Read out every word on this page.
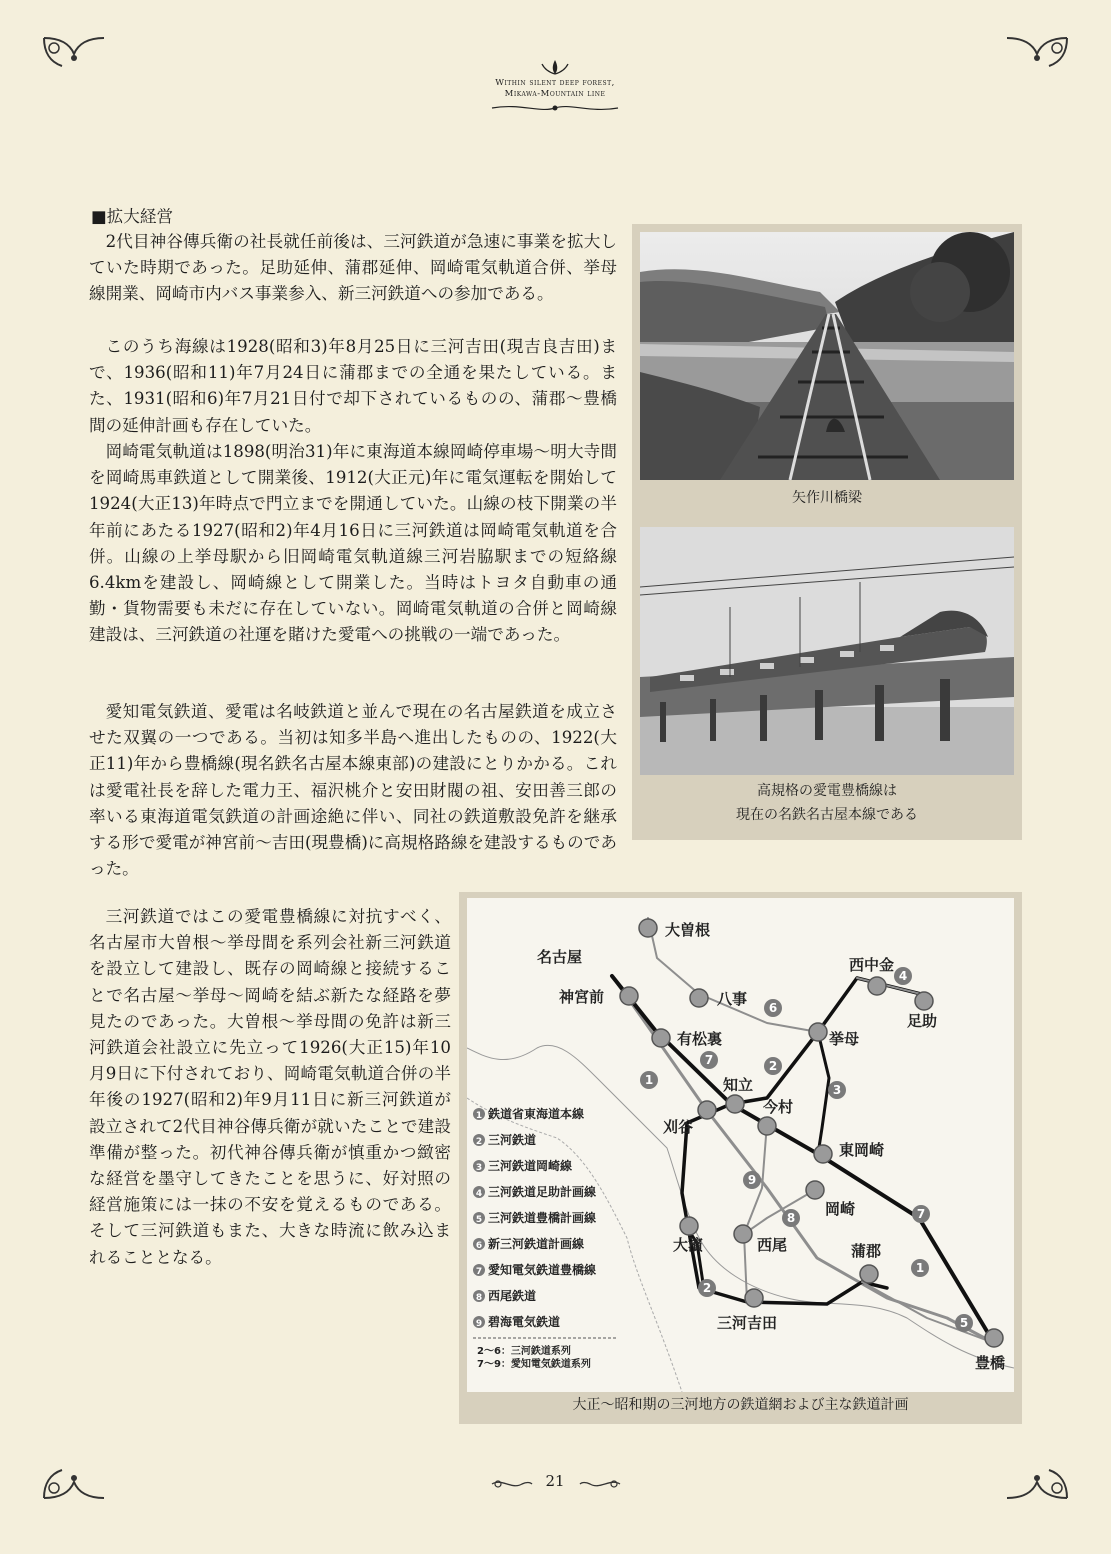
Within silent deep forest,
Mikawa-Mountain line
■拡大経営

2代目神谷傳兵衛の社長就任前後は、三河鉄道が急速に事業を拡大していた時期であった。足助延伸、蒲郡延伸、岡崎電気軌道合併、挙母線開業、岡崎市内バス事業参入、新三河鉄道への参加である。

このうち海線は1928(昭和3)年8月25日に三河吉田(現吉良吉田)まで、1936(昭和11)年7月24日に蒲郡までの全通を果たしている。また、1931(昭和6)年7月21日付で却下されているものの、蒲郡～豊橋間の延伸計画も存在していた。

岡崎電気軌道は1898(明治31)年に東海道本線岡崎停車場～明大寺間を岡崎馬車鉄道として開業後、1912(大正元)年に電気運転を開始して1924(大正13)年時点で門立までを開通していた。山線の枝下開業の半年前にあたる1927(昭和2)年4月16日に三河鉄道は岡崎電気軌道を合併。山線の上挙母駅から旧岡崎電気軌道線三河岩脇駅までの短絡線6.4kmを建設し、岡崎線として開業した。当時はトヨタ自動車の通勤・貨物需要も未だに存在していない。岡崎電気軌道の合併と岡崎線建設は、三河鉄道の社運を賭けた愛電への挑戦の一端であった。

愛知電気鉄道、愛電は名岐鉄道と並んで現在の名古屋鉄道を成立させた双翼の一つである。当初は知多半島へ進出したものの、1922(大正11)年から豊橋線(現名鉄名古屋本線東部)の建設にとりかかる。これは愛電社長を辞した電力王、福沢桃介と安田財閥の祖、安田善三郎の率いる東海道電気鉄道の計画途絶に伴い、同社の鉄道敷設免許を継承する形で愛電が神宮前～吉田(現豊橋)に高規格路線を建設するものであった。

三河鉄道ではこの愛電豊橋線に対抗すべく、名古屋市大曽根～挙母間を系列会社新三河鉄道を設立して建設し、既存の岡崎線と接続することで名古屋～挙母～岡崎を結ぶ新たな経路を夢見たのであった。大曽根～挙母間の免許は新三河鉄道会社設立に先立って1926(大正15)年10月9日に下付されており、岡崎電気軌道合併の半年後の1927(昭和2)年9月11日に新三河鉄道が設立されて2代目神谷傳兵衛が就いたことで建設準備が整った。初代神谷傳兵衛が慎重かつ緻密な経営を墨守してきたことを思うに、好対照の経営施策には一抹の不安を覚えるものである。そして三河鉄道もまた、大きな時流に飲み込まれることとなる。

矢作川橋梁
高規格の愛電豊橋線は
現在の名鉄名古屋本線である
大曽根
名古屋
神宮前	八事
西中金
足助
有松裏	挙母
知立
今村
刈谷
東岡崎
岡崎
大濱	西尾	蒲郡
三河吉田
豊橋
1
1
2
2
3
4
5
6
7
7
8
9
1 鉄道省東海道本線
2 三河鉄道
3 三河鉄道岡崎線
4 三河鉄道足助計画線
5 三河鉄道豊橋計画線
6 新三河鉄道計画線
7 愛知電気鉄道豊橋線
8 西尾鉄道
9 碧海電気鉄道
2～6：三河鉄道系列
7～9：愛知電気鉄道系列
大正～昭和期の三河地方の鉄道網および主な鉄道計画
21
